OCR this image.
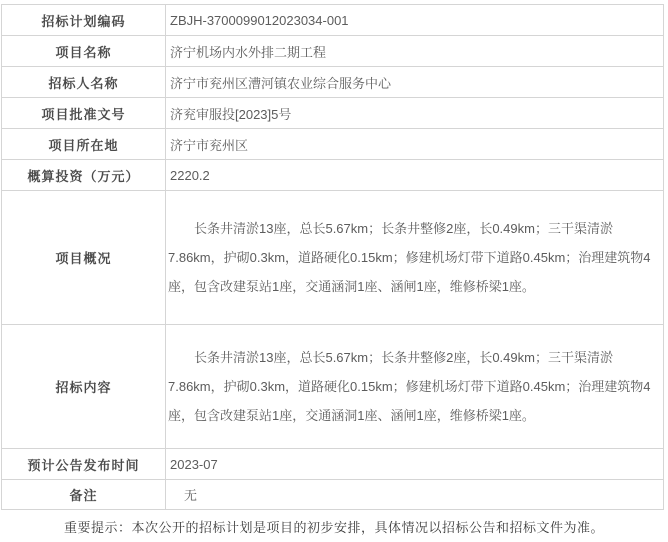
招标计划编码	ZBJH-3700099012023034-001
项目名称	济宁机场内水外排二期工程
招标人名称	济宁市兖州区漕河镇农业综合服务中心
项目批准文号	济兖审服投[2023]5号
项目所在地	济宁市兖州区
概算投资（万元）	2220.2
项目概况	长条井清淤13座，总长5.67km；长条井整修2座，长0.49km；三干渠清淤7.86km，护砌0.3km，道路硬化0.15km；修建机场灯带下道路0.45km；治理建筑物4座，包含改建泵站1座，交通涵洞1座、涵闸1座，维修桥梁1座。
招标内容	长条井清淤13座，总长5.67km；长条井整修2座，长0.49km；三干渠清淤7.86km，护砌0.3km，道路硬化0.15km；修建机场灯带下道路0.45km；治理建筑物4座，包含改建泵站1座，交通涵洞1座、涵闸1座，维修桥梁1座。
预计公告发布时间	2023-07
备注	无
重要提示：本次公开的招标计划是项目的初步安排，具体情况以招标公告和招标文件为准。
